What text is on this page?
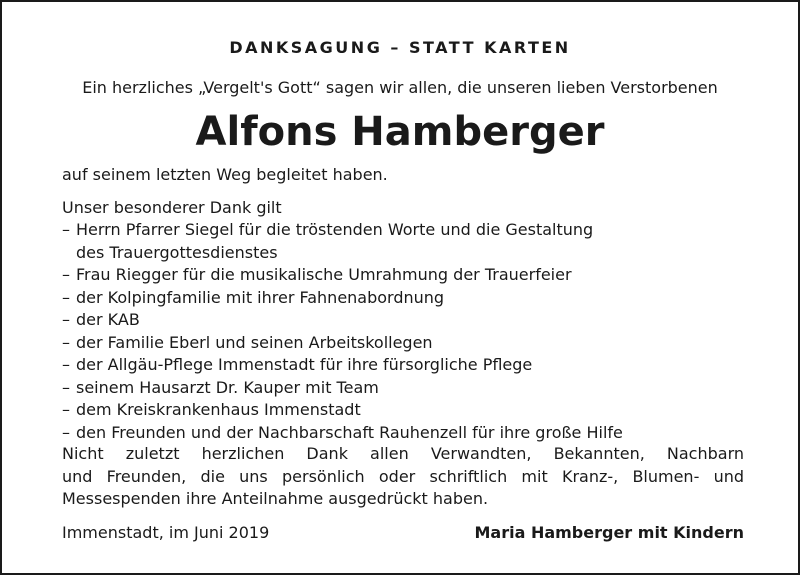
DANKSAGUNG – STATT KARTEN
Ein herzliches „Vergelt's Gott“ sagen wir allen, die unseren lieben Verstorbenen
Alfons Hamberger
auf seinem letzten Weg begleitet haben.
Unser besonderer Dank gilt
– Herrn Pfarrer Siegel für die tröstenden Worte und die Gestaltung
des Trauergottesdienstes
– Frau Riegger für die musikalische Umrahmung der Trauerfeier
– der Kolpingfamilie mit ihrer Fahnenabordnung
– der KAB
– der Familie Eberl und seinen Arbeitskollegen
– der Allgäu-Pflege Immenstadt für ihre fürsorgliche Pflege
– seinem Hausarzt Dr. Kauper mit Team
– dem Kreiskrankenhaus Immenstadt
– den Freunden und der Nachbarschaft Rauhenzell für ihre große Hilfe
Nicht zuletzt herzlichen Dank allen Verwandten, Bekannten, Nachbarn
und Freunden, die uns persönlich oder schriftlich mit Kranz-, Blumen- und
Messespenden ihre Anteilnahme ausgedrückt haben.
Immenstadt, im Juni 2019	Maria Hamberger mit Kindern
